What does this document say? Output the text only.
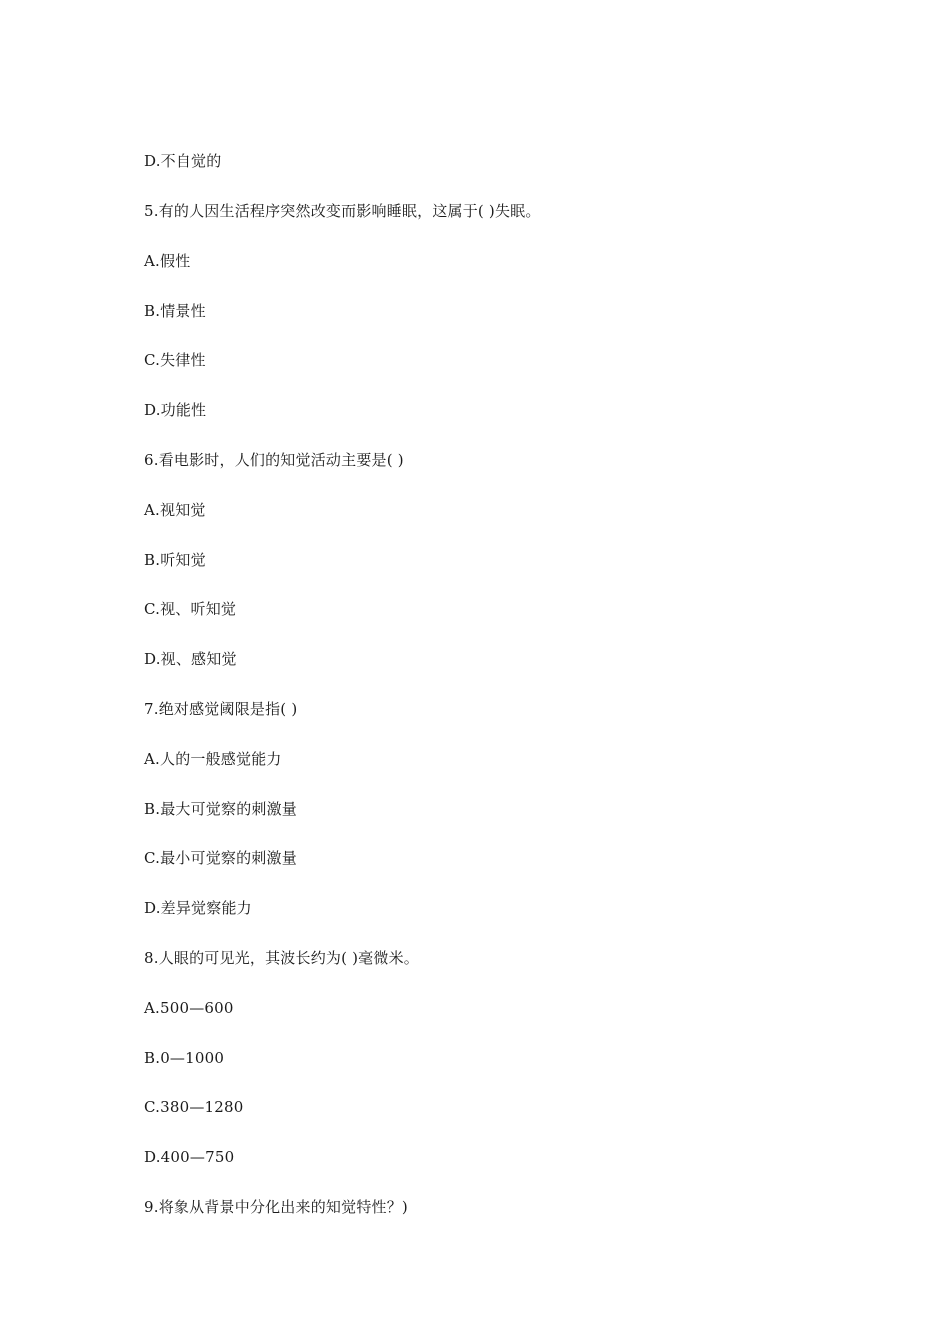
D.不自觉的
5.有的人因生活程序突然改变而影响睡眠，这属于( )失眠。
A.假性
B.情景性
C.失律性
D.功能性
6.看电影时，人们的知觉活动主要是( )
A.视知觉
B.听知觉
C.视、听知觉
D.视、感知觉
7.绝对感觉阈限是指( )
A.人的一般感觉能力
B.最大可觉察的刺激量
C.最小可觉察的刺激量
D.差异觉察能力
8.人眼的可见光，其波长约为( )毫微米。
A.500—600
B.0—1000
C.380—1280
D.400—750
9.将象从背景中分化出来的知觉特性？)
